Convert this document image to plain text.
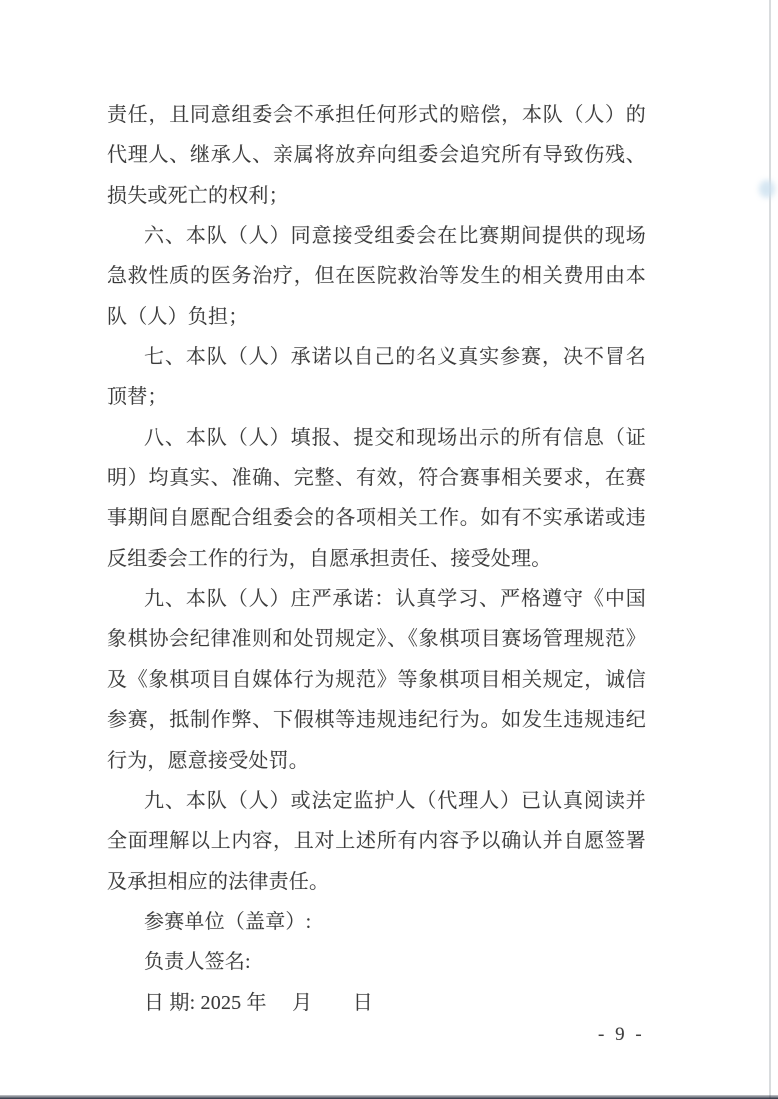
责任，且同意组委会不承担任何形式的赔偿，本队（人）的
代理人、继承人、亲属将放弃向组委会追究所有导致伤残、
损失或死亡的权利；
六、本队（人）同意接受组委会在比赛期间提供的现场
急救性质的医务治疗，但在医院救治等发生的相关费用由本
队（人）负担；
七、本队（人）承诺以自己的名义真实参赛，决不冒名
顶替；
八、本队（人）填报、提交和现场出示的所有信息（证
明）均真实、准确、完整、有效，符合赛事相关要求，在赛
事期间自愿配合组委会的各项相关工作。如有不实承诺或违
反组委会工作的行为，自愿承担责任、接受处理。
九、本队（人）庄严承诺：认真学习、严格遵守《中国
象棋协会纪律准则和处罚规定》、《象棋项目赛场管理规范》
及《象棋项目自媒体行为规范》等象棋项目相关规定，诚信
参赛，抵制作弊、下假棋等违规违纪行为。如发生违规违纪
行为，愿意接受处罚。
九、本队（人）或法定监护人（代理人）已认真阅读并
全面理解以上内容，且对上述所有内容予以确认并自愿签署
及承担相应的法律责任。
参赛单位（盖章）:
负责人签名:
日 期: 2025 年　 月　　日
- 9 -
